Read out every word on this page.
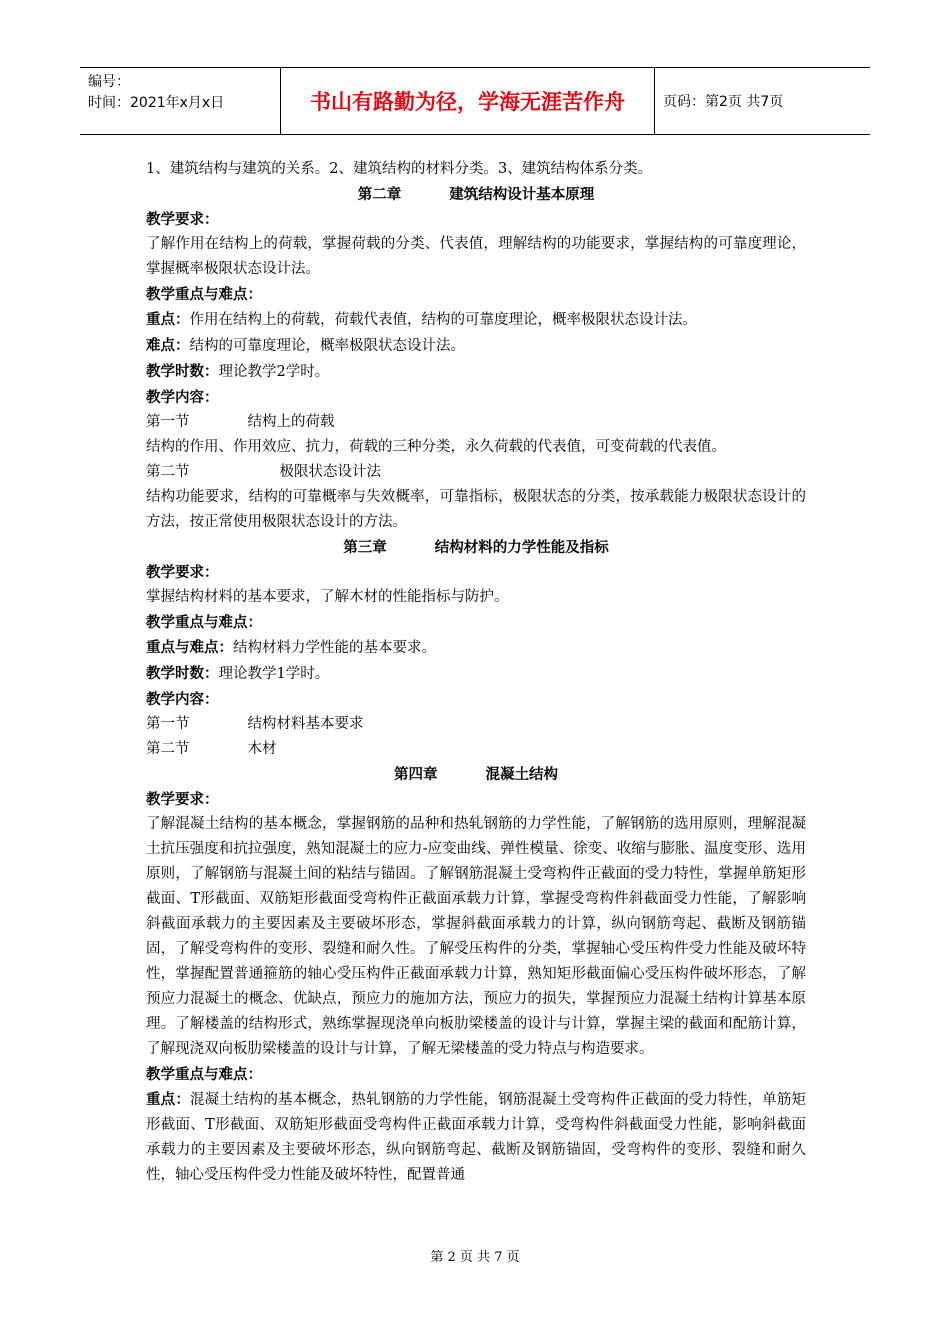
编号：
时间：2021年x月x日	书山有路勤为径，学海无涯苦作舟	页码：第2页 共7页

1、建筑结构与建筑的关系。2、建筑结构的材料分类。3、建筑结构体系分类。

第二章	建筑结构设计基本原理

教学要求：

了解作用在结构上的荷载，掌握荷载的分类、代表值，理解结构的功能要求，掌握结构的可靠度理论，掌握概率极限状态设计法。

教学重点与难点：

重点：作用在结构上的荷载，荷载代表值，结构的可靠度理论，概率极限状态设计法。

难点：结构的可靠度理论，概率极限状态设计法。

教学时数：理论教学2学时。

教学内容：

第一节	结构上的荷载

结构的作用、作用效应、抗力，荷载的三种分类，永久荷载的代表值，可变荷载的代表值。

第二节	极限状态设计法

结构功能要求，结构的可靠概率与失效概率，可靠指标，极限状态的分类，按承载能力极限状态设计的方法，按正常使用极限状态设计的方法。

第三章	结构材料的力学性能及指标

教学要求：

掌握结构材料的基本要求，了解木材的性能指标与防护。

教学重点与难点：

重点与难点：结构材料力学性能的基本要求。

教学时数：理论教学1学时。

教学内容：

第一节	结构材料基本要求

第二节	木材

第四章	混凝土结构

教学要求：

了解混凝土结构的基本概念，掌握钢筋的品种和热轧钢筋的力学性能，了解钢筋的选用原则，理解混凝土抗压强度和抗拉强度，熟知混凝土的应力-应变曲线、弹性模量、徐变、收缩与膨胀、温度变形、选用原则，了解钢筋与混凝土间的粘结与锚固。了解钢筋混凝土受弯构件正截面的受力特性，掌握单筋矩形截面、T形截面、双筋矩形截面受弯构件正截面承载力计算，掌握受弯构件斜截面受力性能，了解影响斜截面承载力的主要因素及主要破坏形态，掌握斜截面承载力的计算，纵向钢筋弯起、截断及钢筋锚固，了解受弯构件的变形、裂缝和耐久性。了解受压构件的分类，掌握轴心受压构件受力性能及破坏特性，掌握配置普通箍筋的轴心受压构件正截面承载力计算，熟知矩形截面偏心受压构件破坏形态，了解预应力混凝土的概念、优缺点，预应力的施加方法，预应力的损失，掌握预应力混凝土结构计算基本原理。了解楼盖的结构形式，熟练掌握现浇单向板肋梁楼盖的设计与计算，掌握主梁的截面和配筋计算，了解现浇双向板肋梁楼盖的设计与计算，了解无梁楼盖的受力特点与构造要求。

教学重点与难点：

重点：混凝土结构的基本概念，热轧钢筋的力学性能，钢筋混凝土受弯构件正截面的受力特性，单筋矩形截面、T形截面、双筋矩形截面受弯构件正截面承载力计算，受弯构件斜截面受力性能，影响斜截面承载力的主要因素及主要破坏形态，纵向钢筋弯起、截断及钢筋锚固，受弯构件的变形、裂缝和耐久性，轴心受压构件受力性能及破坏特性，配置普通

第 2 页 共 7 页
